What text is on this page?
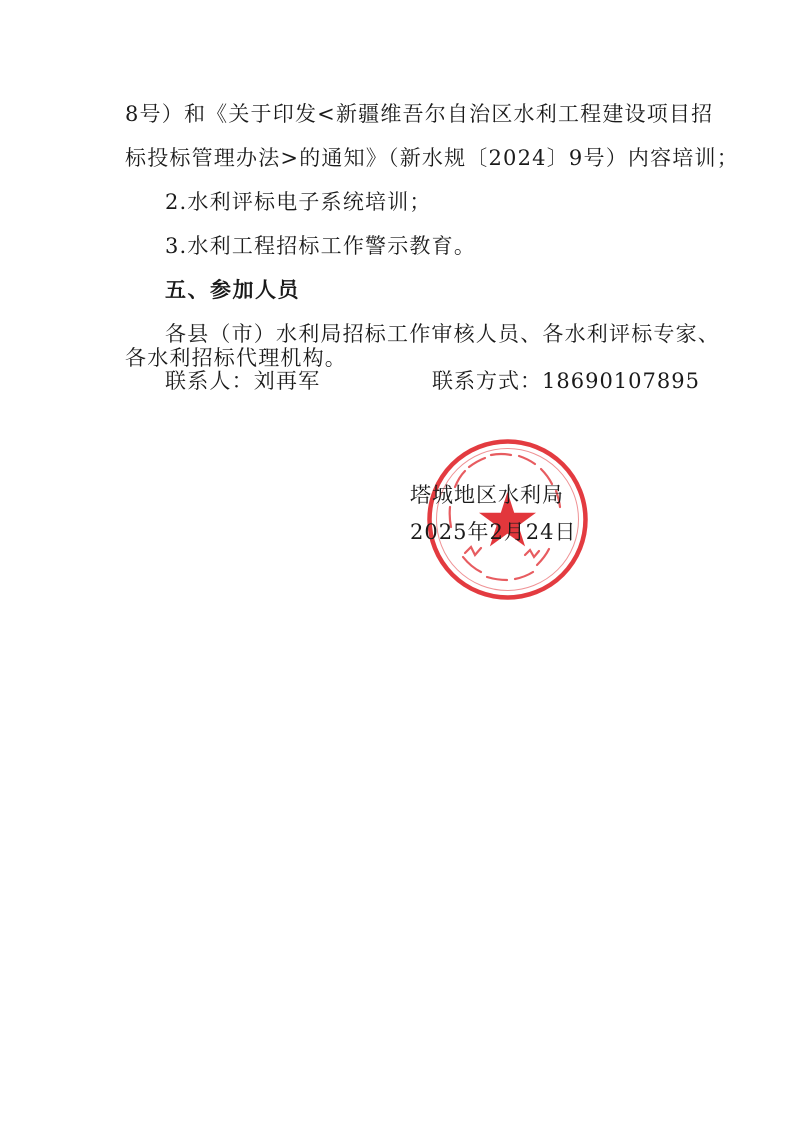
8号）和《关于印发<新疆维吾尔自治区水利工程建设项目招
标投标管理办法>的通知》（新水规〔2024〕9号）内容培训；
2.水利评标电子系统培训；
3.水利工程招标工作警示教育。
五、参加人员
各县（市）水利局招标工作审核人员、各水利评标专家、
各水利招标代理机构。
联系人：刘再军	联系方式：18690107895
塔城地区水利局
2025年2月24日
